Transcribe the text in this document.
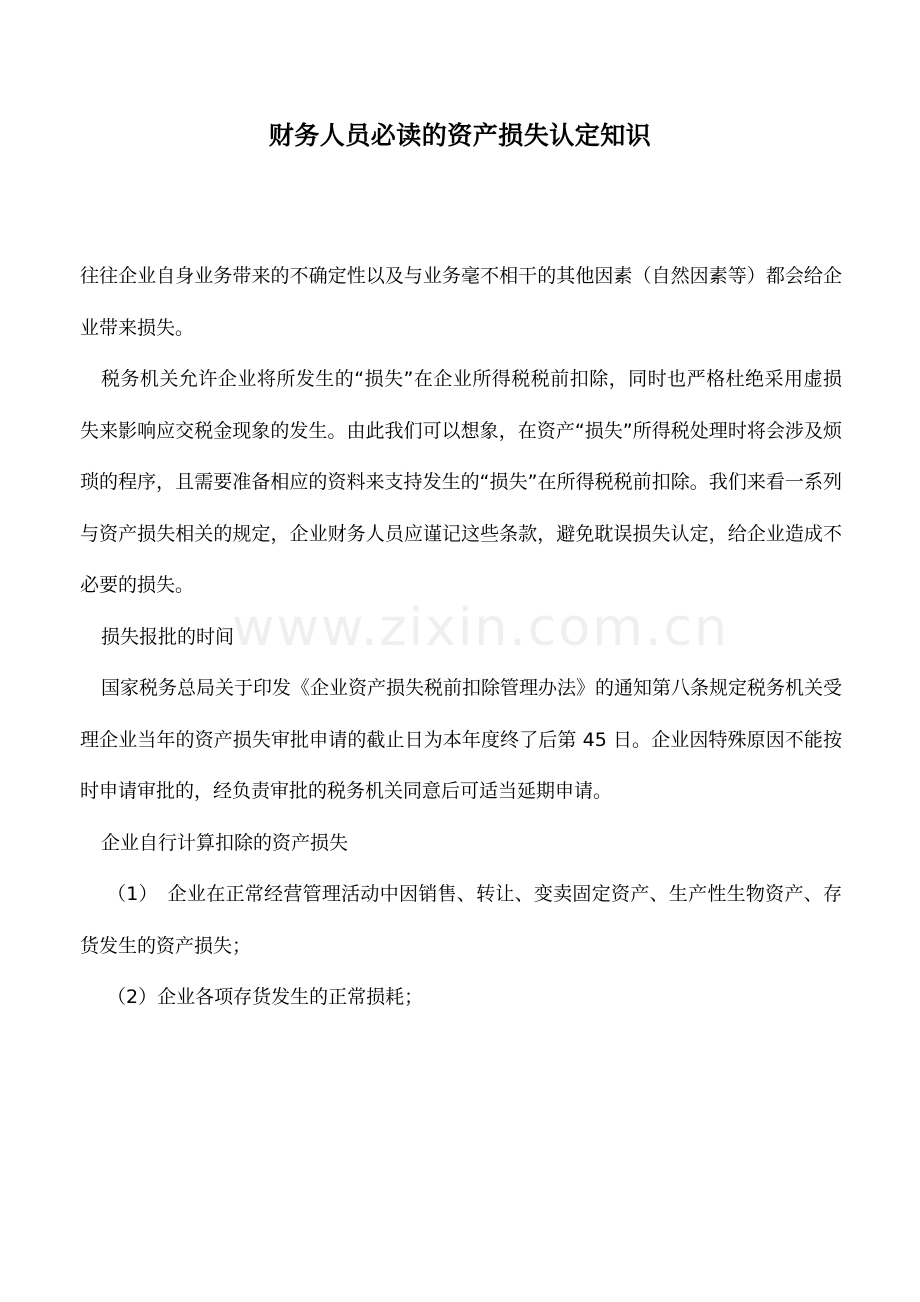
财务人员必读的资产损失认定知识

往往企业自身业务带来的不确定性以及与业务毫不相干的其他因素（自然因素等）都会给企业带来损失。

税务机关允许企业将所发生的“损失”在企业所得税税前扣除，同时也严格杜绝采用虚损失来影响应交税金现象的发生。由此我们可以想象，在资产“损失”所得税处理时将会涉及烦琐的程序，且需要准备相应的资料来支持发生的“损失”在所得税税前扣除。我们来看一系列与资产损失相关的规定，企业财务人员应谨记这些条款，避免耽误损失认定，给企业造成不必要的损失。

损失报批的时间

国家税务总局关于印发《企业资产损失税前扣除管理办法》的通知第八条规定税务机关受理企业当年的资产损失审批申请的截止日为本年度终了后第 45 日。企业因特殊原因不能按时申请审批的，经负责审批的税务机关同意后可适当延期申请。

企业自行计算扣除的资产损失

（1）　企业在正常经营管理活动中因销售、转让、变卖固定资产、生产性生物资产、存货发生的资产损失；

（2）企业各项存货发生的正常损耗；

www.zixin.com.cn
